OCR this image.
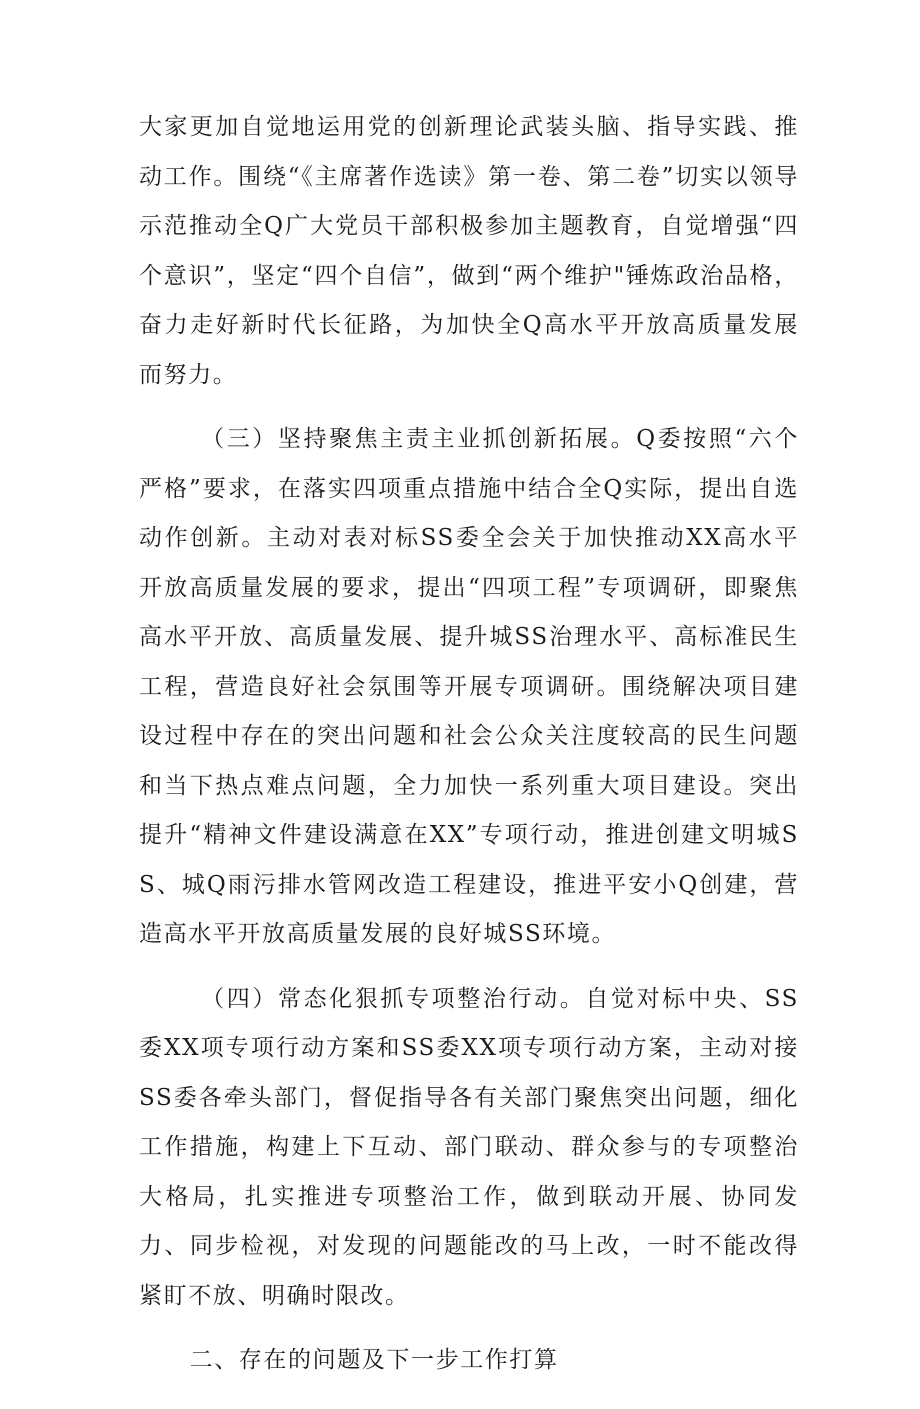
大家更加自觉地运用党的创新理论武装头脑、指导实践、推动工作。围绕“《主席著作选读》第一卷、第二卷”切实以领导示范推动全Q广大党员干部积极参加主题教育，自觉增强“四个意识”，坚定“四个自信”，做到“两个维护"锤炼政治品格，奋力走好新时代长征路，为加快全Q高水平开放高质量发展而努力。

（三）坚持聚焦主责主业抓创新拓展。Q委按照“六个严格”要求，在落实四项重点措施中结合全Q实际，提出自选动作创新。主动对表对标SS委全会关于加快推动XX高水平开放高质量发展的要求，提出“四项工程”专项调研，即聚焦高水平开放、高质量发展、提升城SS治理水平、高标准民生工程，营造良好社会氛围等开展专项调研。围绕解决项目建设过程中存在的突出问题和社会公众关注度较高的民生问题和当下热点难点问题，全力加快一系列重大项目建设。突出提升“精神文件建设满意在XX”专项行动，推进创建文明城SS、城Q雨污排水管网改造工程建设，推进平安小Q创建，营造高水平开放高质量发展的良好城SS环境。

（四）常态化狠抓专项整治行动。自觉对标中央、SS委XX项专项行动方案和SS委XX项专项行动方案，主动对接SS委各牵头部门，督促指导各有关部门聚焦突出问题，细化工作措施，构建上下互动、部门联动、群众参与的专项整治大格局，扎实推进专项整治工作，做到联动开展、协同发力、同步检视，对发现的问题能改的马上改，一时不能改得紧盯不放、明确时限改。

二、存在的问题及下一步工作打算
